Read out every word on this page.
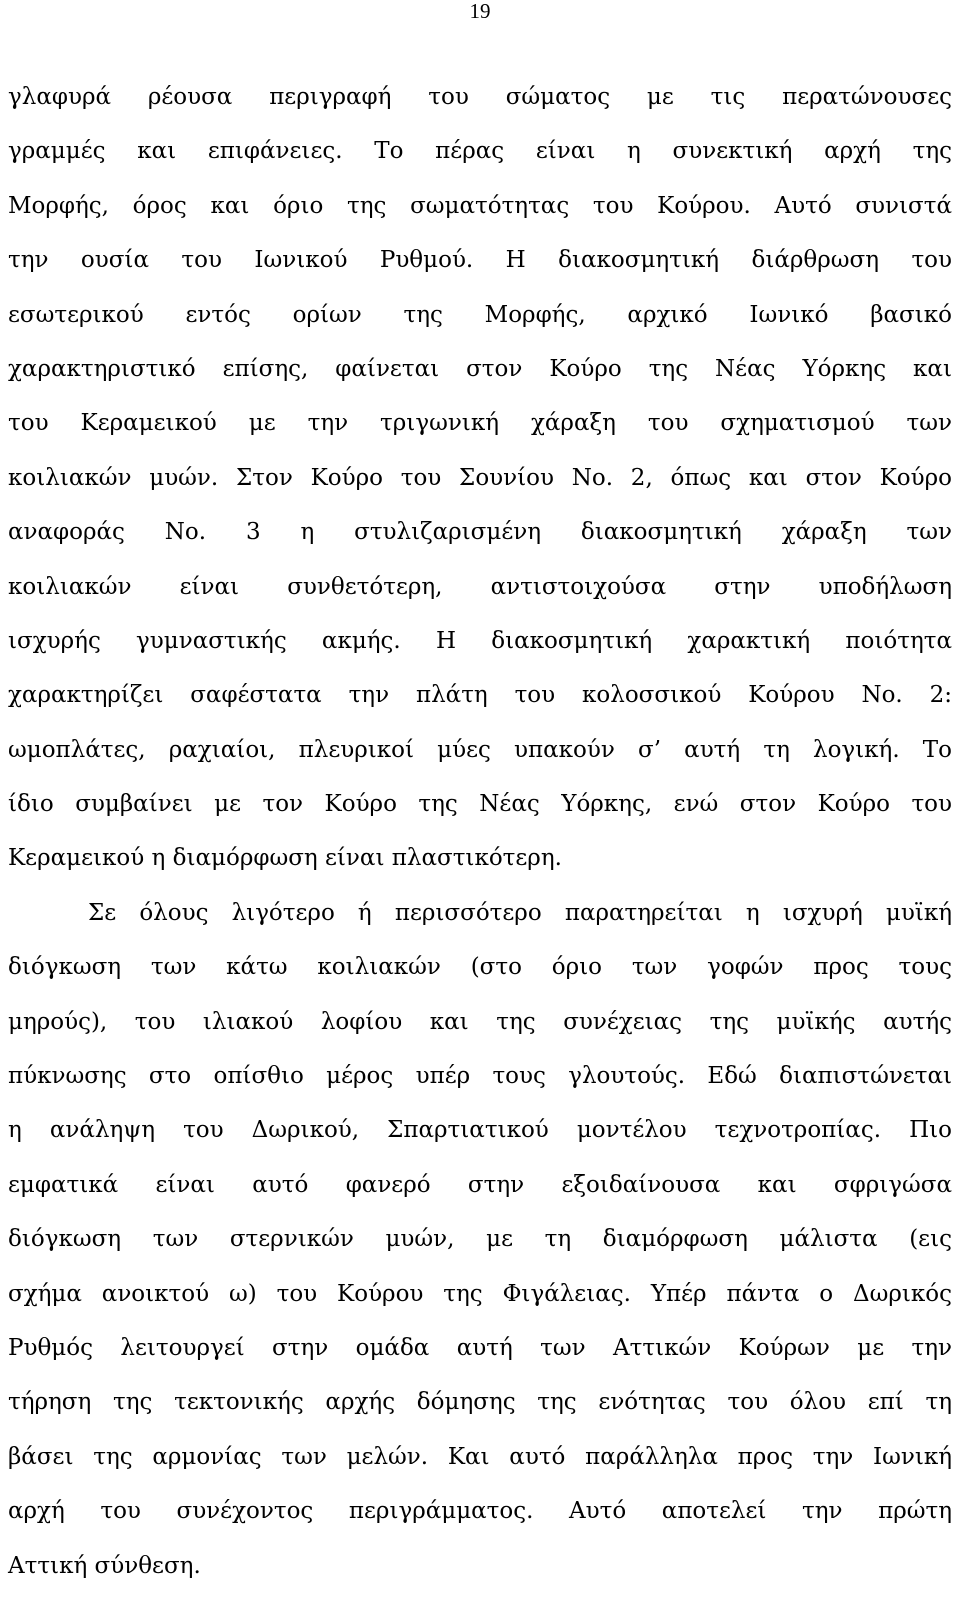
19
γλαφυρά ρέουσα περιγραφή του σώματος με τις περατώνουσες
γραμμές και επιφάνειες. Το πέρας είναι η συνεκτική αρχή της
Μορφής, όρος και όριο της σωματότητας του Κούρου. Αυτό συνιστά
την ουσία του Ιωνικού Ρυθμού. Η διακοσμητική διάρθρωση του
εσωτερικού εντός ορίων της Μορφής, αρχικό Ιωνικό βασικό
χαρακτηριστικό επίσης, φαίνεται στον Κούρο της Νέας Υόρκης και
του Κεραμεικού με την τριγωνική χάραξη του σχηματισμού των
κοιλιακών μυών. Στον Κούρο του Σουνίου Νο. 2, όπως και στον Κούρο
αναφοράς Νο. 3 η στυλιζαρισμένη διακοσμητική χάραξη των
κοιλιακών είναι συνθετότερη, αντιστοιχούσα στην υποδήλωση
ισχυρής γυμναστικής ακμής. Η διακοσμητική χαρακτική ποιότητα
χαρακτηρίζει σαφέστατα την πλάτη του κολοσσικού Κούρου Νο. 2:
ωμοπλάτες, ραχιαίοι, πλευρικοί μύες υπακούν σ’ αυτή τη λογική. Το
ίδιο συμβαίνει με τον Κούρο της Νέας Υόρκης, ενώ στον Κούρο του
Κεραμεικού η διαμόρφωση είναι πλαστικότερη.
Σε όλους λιγότερο ή περισσότερο παρατηρείται η ισχυρή μυϊκή
διόγκωση των κάτω κοιλιακών (στο όριο των γοφών προς τους
μηρούς), του ιλιακού λοφίου και της συνέχειας της μυϊκής αυτής
πύκνωσης στο οπίσθιο μέρος υπέρ τους γλουτούς. Εδώ διαπιστώνεται
η ανάληψη του Δωρικού, Σπαρτιατικού μοντέλου τεχνοτροπίας. Πιο
εμφατικά είναι αυτό φανερό στην εξοιδαίνουσα και σφριγώσα
διόγκωση των στερνικών μυών, με τη διαμόρφωση μάλιστα (εις
σχήμα ανοικτού ω) του Κούρου της Φιγάλειας. Υπέρ πάντα ο Δωρικός
Ρυθμός λειτουργεί στην ομάδα αυτή των Αττικών Κούρων με την
τήρηση της τεκτονικής αρχής δόμησης της ενότητας του όλου επί τη
βάσει της αρμονίας των μελών. Και αυτό παράλληλα προς την Ιωνική
αρχή του συνέχοντος περιγράμματος. Αυτό αποτελεί την πρώτη
Αττική σύνθεση.
